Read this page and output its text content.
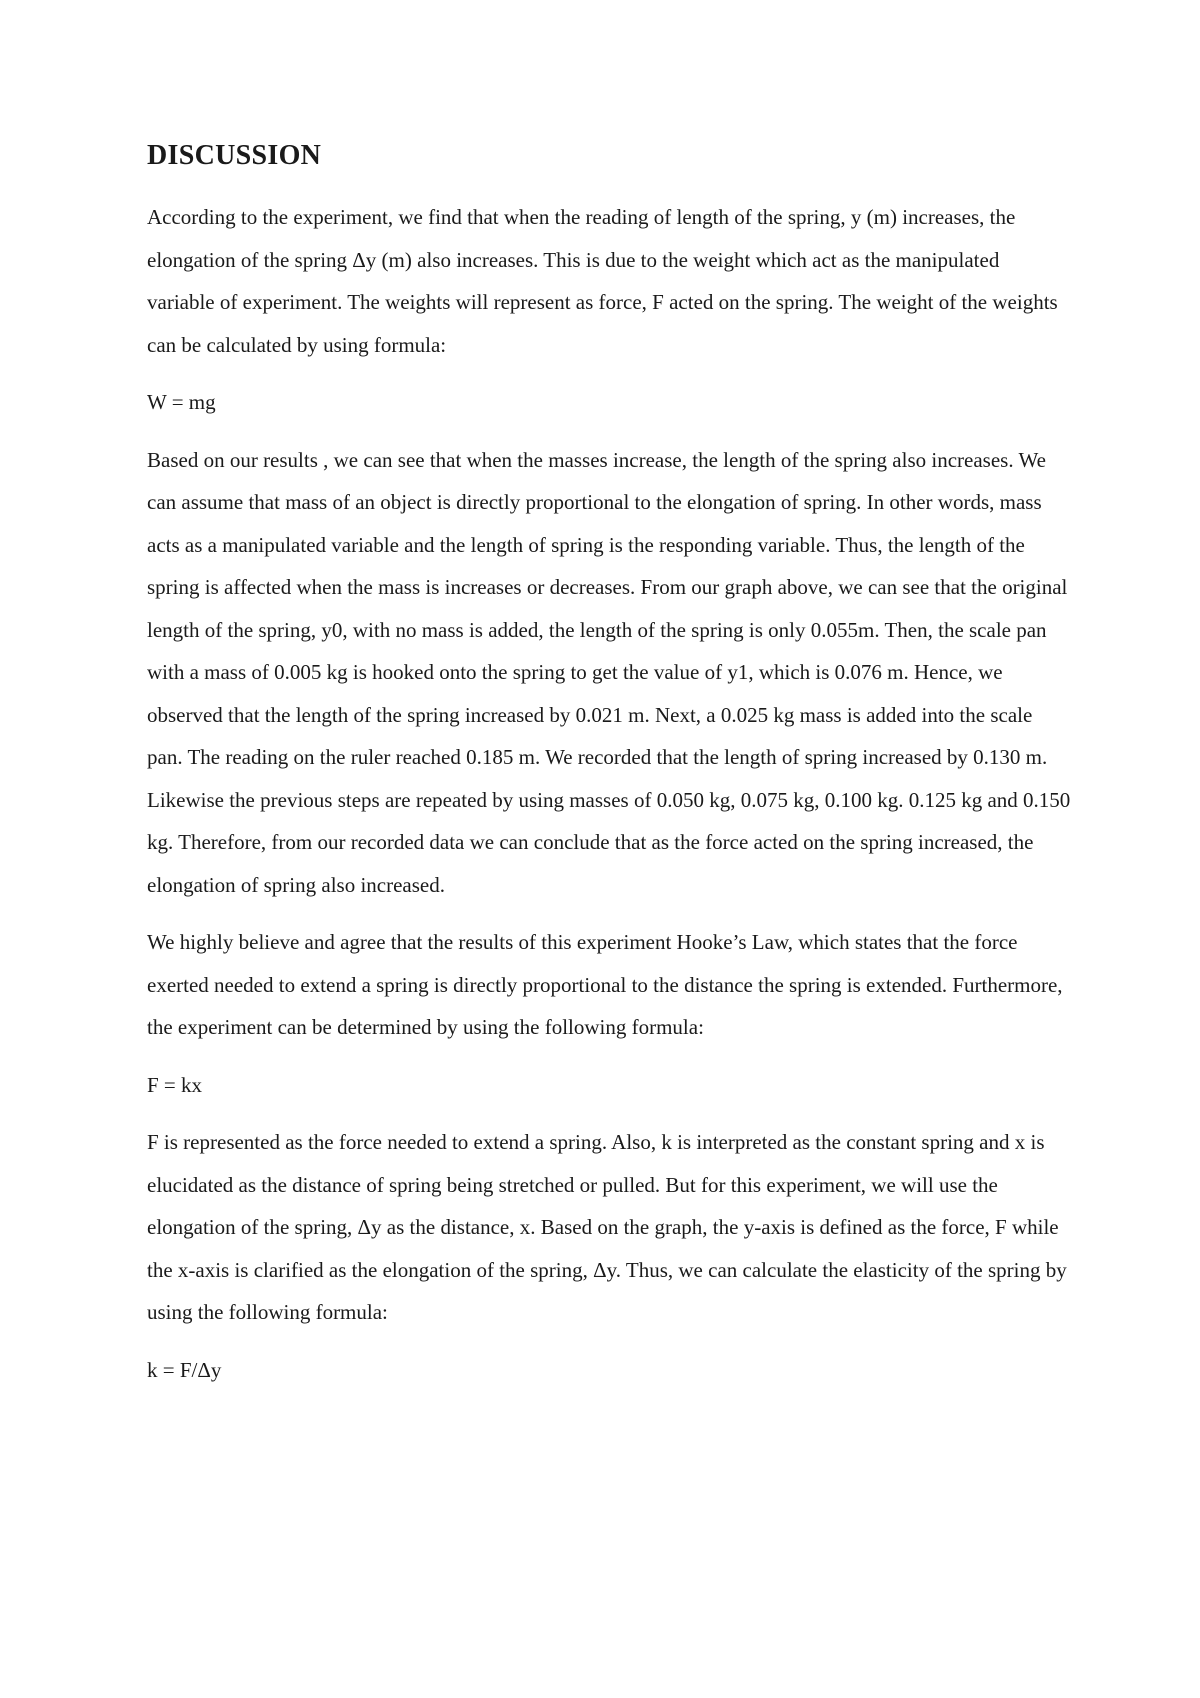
DISCUSSION

According to the experiment, we find that when the reading of length of the spring, y (m) increases, the elongation of the spring Δy (m) also increases. This is due to the weight which act as the manipulated variable of experiment. The weights will represent as force, F acted on the spring. The weight of the weights can be calculated by using formula:

W = mg

Based on our results , we can see that when the masses increase, the length of the spring also increases. We can assume that mass of an object is directly proportional to the elongation of spring. In other words, mass acts as a manipulated variable and the length of spring is the responding variable. Thus, the length of the spring is affected when the mass is increases or decreases. From our graph above, we can see that the original length of the spring, y0, with no mass is added, the length of the spring is only 0.055m. Then, the scale pan with a mass of 0.005 kg is hooked onto the spring to get the value of y1, which is 0.076 m. Hence, we observed that the length of the spring increased by 0.021 m. Next, a 0.025 kg mass is added into the scale pan. The reading on the ruler reached 0.185 m. We recorded that the length of spring increased by 0.130 m. Likewise the previous steps are repeated by using masses of 0.050 kg, 0.075 kg, 0.100 kg. 0.125 kg and 0.150 kg. Therefore, from our recorded data we can conclude that as the force acted on the spring increased, the elongation of spring also increased.

We highly believe and agree that the results of this experiment Hooke’s Law, which states that the force exerted needed to extend a spring is directly proportional to the distance the spring is extended. Furthermore, the experiment can be determined by using the following formula:

F = kx

F is represented as the force needed to extend a spring. Also, k is interpreted as the constant spring and x is elucidated as the distance of spring being stretched or pulled. But for this experiment, we will use the elongation of the spring, Δy as the distance, x. Based on the graph, the y-axis is defined as the force, F while the x-axis is clarified as the elongation of the spring, Δy. Thus, we can calculate the elasticity of the spring by using the following formula:

k = F/Δy
